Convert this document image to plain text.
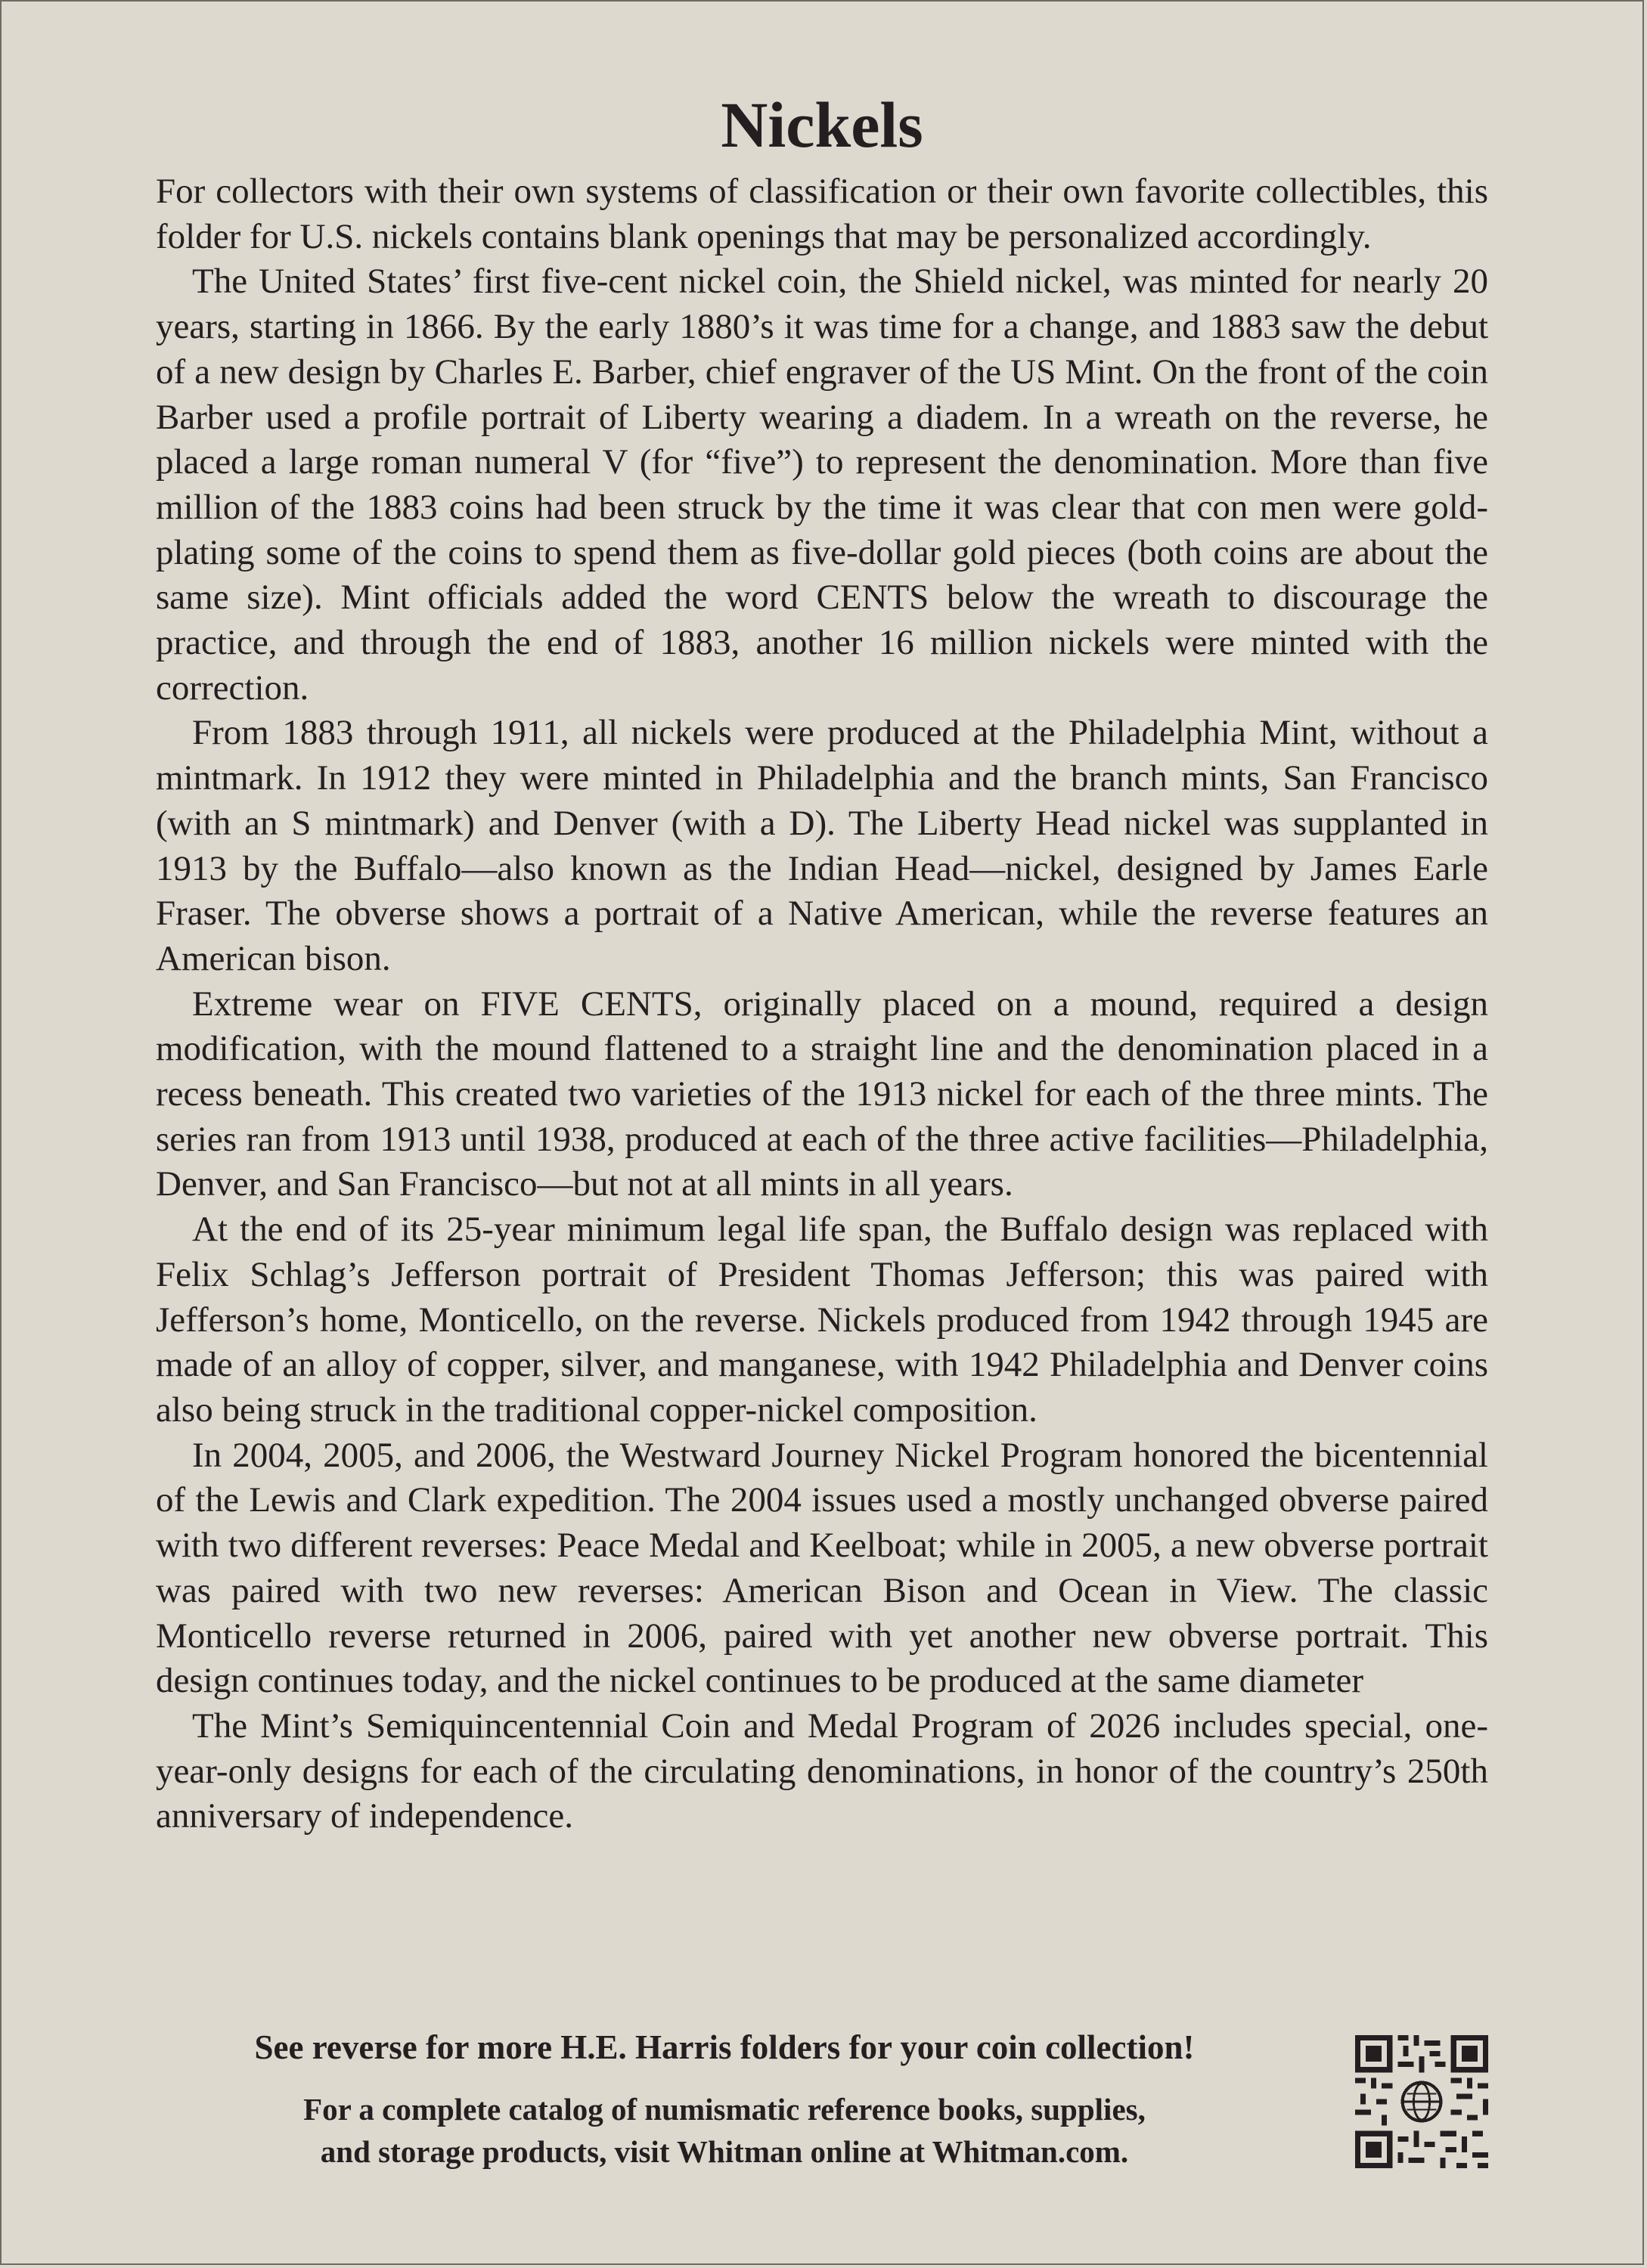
Nickels

For collectors with their own systems of classification or their own favorite collectibles, this folder for U.S. nickels contains blank openings that may be personalized accordingly.

The United States’ first five-cent nickel coin, the Shield nickel, was minted for nearly 20 years, starting in 1866. By the early 1880’s it was time for a change, and 1883 saw the debut of a new design by Charles E. Barber, chief engraver of the US Mint. On the front of the coin Barber used a profile portrait of Liberty wearing a diadem. In a wreath on the reverse, he placed a large roman numeral V (for “five”) to represent the denomination. More than five million of the 1883 coins had been struck by the time it was clear that con men were gold-plating some of the coins to spend them as five-dollar gold pieces (both coins are about the same size). Mint officials added the word CENTS below the wreath to discourage the practice, and through the end of 1883, another 16 million nickels were minted with the correction.

From 1883 through 1911, all nickels were produced at the Philadelphia Mint, without a mintmark. In 1912 they were minted in Philadelphia and the branch mints, San Francisco (with an S mintmark) and Denver (with a D). The Liberty Head nickel was supplanted in 1913 by the Buffalo—also known as the Indian Head—nickel, designed by James Earle Fraser. The obverse shows a portrait of a Native American, while the reverse features an American bison.

Extreme wear on FIVE CENTS, originally placed on a mound, required a design modification, with the mound flattened to a straight line and the denomination placed in a recess beneath. This created two varieties of the 1913 nickel for each of the three mints. The series ran from 1913 until 1938, produced at each of the three active facilities—Philadelphia, Denver, and San Francisco—but not at all mints in all years.

At the end of its 25-year minimum legal life span, the Buffalo design was replaced with Felix Schlag’s Jefferson portrait of President Thomas Jefferson; this was paired with Jefferson’s home, Monticello, on the reverse. Nickels produced from 1942 through 1945 are made of an alloy of copper, silver, and manganese, with 1942 Philadelphia and Denver coins also being struck in the traditional copper-nickel composition.

In 2004, 2005, and 2006, the Westward Journey Nickel Program honored the bicentennial of the Lewis and Clark expedition. The 2004 issues used a mostly unchanged obverse paired with two different reverses: Peace Medal and Keelboat; while in 2005, a new obverse portrait was paired with two new reverses: American Bison and Ocean in View. The classic Monticello reverse returned in 2006, paired with yet another new obverse portrait. This design continues today, and the nickel continues to be produced at the same diameter

The Mint’s Semiquincentennial Coin and Medal Program of 2026 includes special, one-year-only designs for each of the circulating denominations, in honor of the country’s 250th anniversary of independence.

See reverse for more H.E. Harris folders for your coin collection!

For a complete catalog of numismatic reference books, supplies,
and storage products, visit Whitman online at Whitman.com.
